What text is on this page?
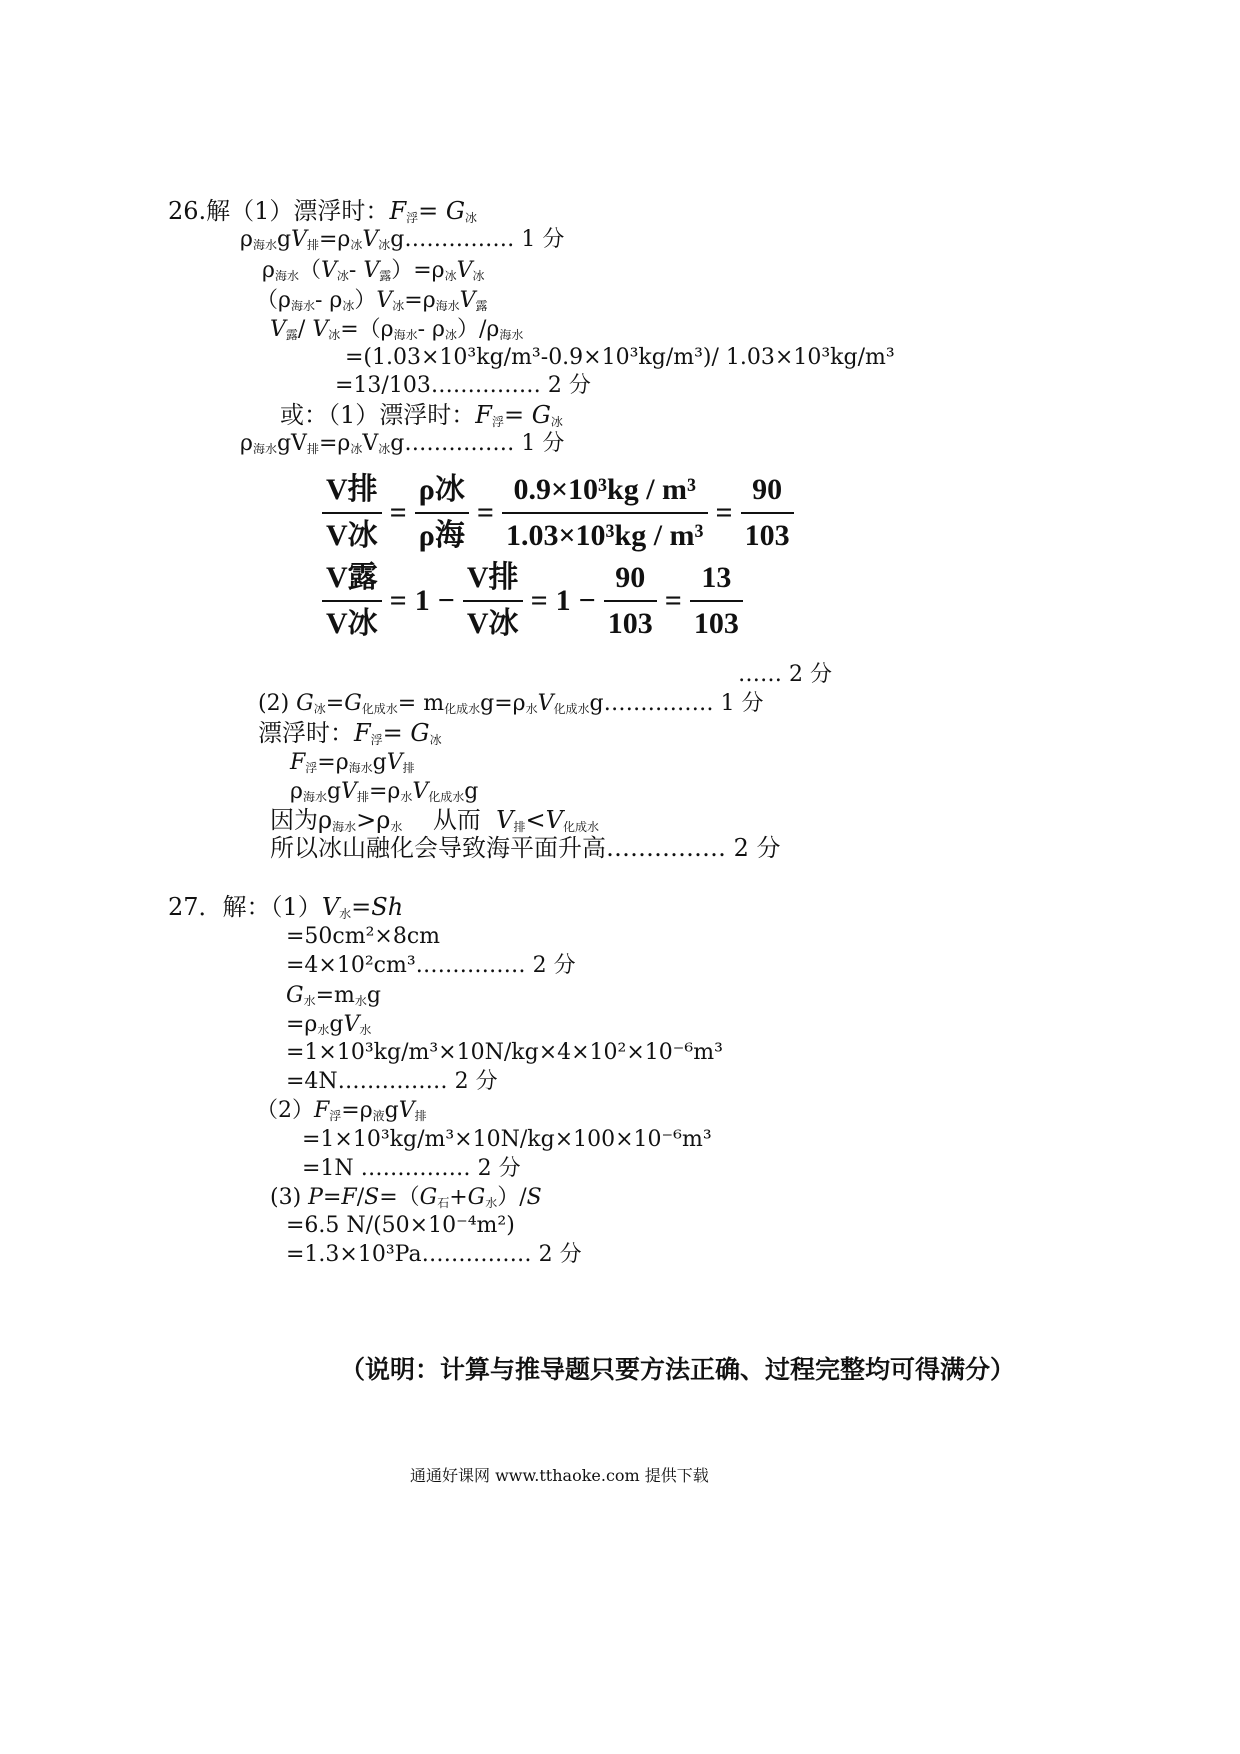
26.解（1）漂浮时：$F_浮= G_冰$
$\rho_{海水}gV_排=\rho_冰V_冰g\dots\dots\dots\dots\dots$ 1 分
$\rho_{海水}(V_冰-$ $V_露)=\rho_冰V_冰$
（$\rho_{海水}-$ $\rho_冰)V_冰=\rho_{海水}V_露$
$V_露/$ $V_冰=(\rho_{海水}-$ $\rho_冰)/\rho_{海水}$
=(1.03×10³kg/m³-0.9×10³kg/m³)/ 1.03×10³kg/m³
=13/103…………… 2 分
或：（1）漂浮时：$F_浮= G_冰$
$\rho_{海水}gV_排=\rho_冰V_冰g\dots\dots\dots\dots\dots$ 1 分
$\frac{\text{V排}}{\text{V冰}} = \frac{\text{ρ冰}}{\text{ρ海}} = \frac{\text{0.9×10³kg / m³}}{\text{1.03×10³kg / m³}} = \frac{90}{103}$
$\frac{\text{V露}}{\text{V冰}} = 1 - \frac{\text{V排}}{\text{V冰}} = 1 - \frac{90}{103} = \frac{13}{103}$
…… 2 分
(2) $G_冰=G_{化成水}=$ $m_{化成水}g=\rho_水V_{化成水}g\dots\dots\dots\dots\dots$ 1 分
漂浮时：$F_浮= G_冰$
$F_浮=\rho_{海水}gV_排$
$\rho_{海水}gV_排=\rho_水V_{化成水}g$
因为$\rho_{海水}>\rho_水$ 从而 $V_排<V_{化成水}$
所以冰山融化会导致海平面升高…………… 2 分
27．解：$(1)V_水=Sh$
=50cm²×8cm
=4×10²cm³…………… 2 分
$G_水=m_水g$
$=\rho_水gV_水$
=1×10³kg/m³×10N/kg×4×10²×10⁻⁶m³
=4N…………… 2 分
$(2)F_浮=\rho_液gV_排$
=1×10³kg/m³×10N/kg×100×10⁻⁶m³
=1N …………… 2 分
(3) $P=F/S=(G_石+G_水)/S$
=6.5 N/(50×10⁻⁴m²)
=1.3×10³Pa…………… 2 分
（说明：计算与推导题只要方法正确、过程完整均可得满分）
通通好课网 www.tthaoke.com 提供下载
